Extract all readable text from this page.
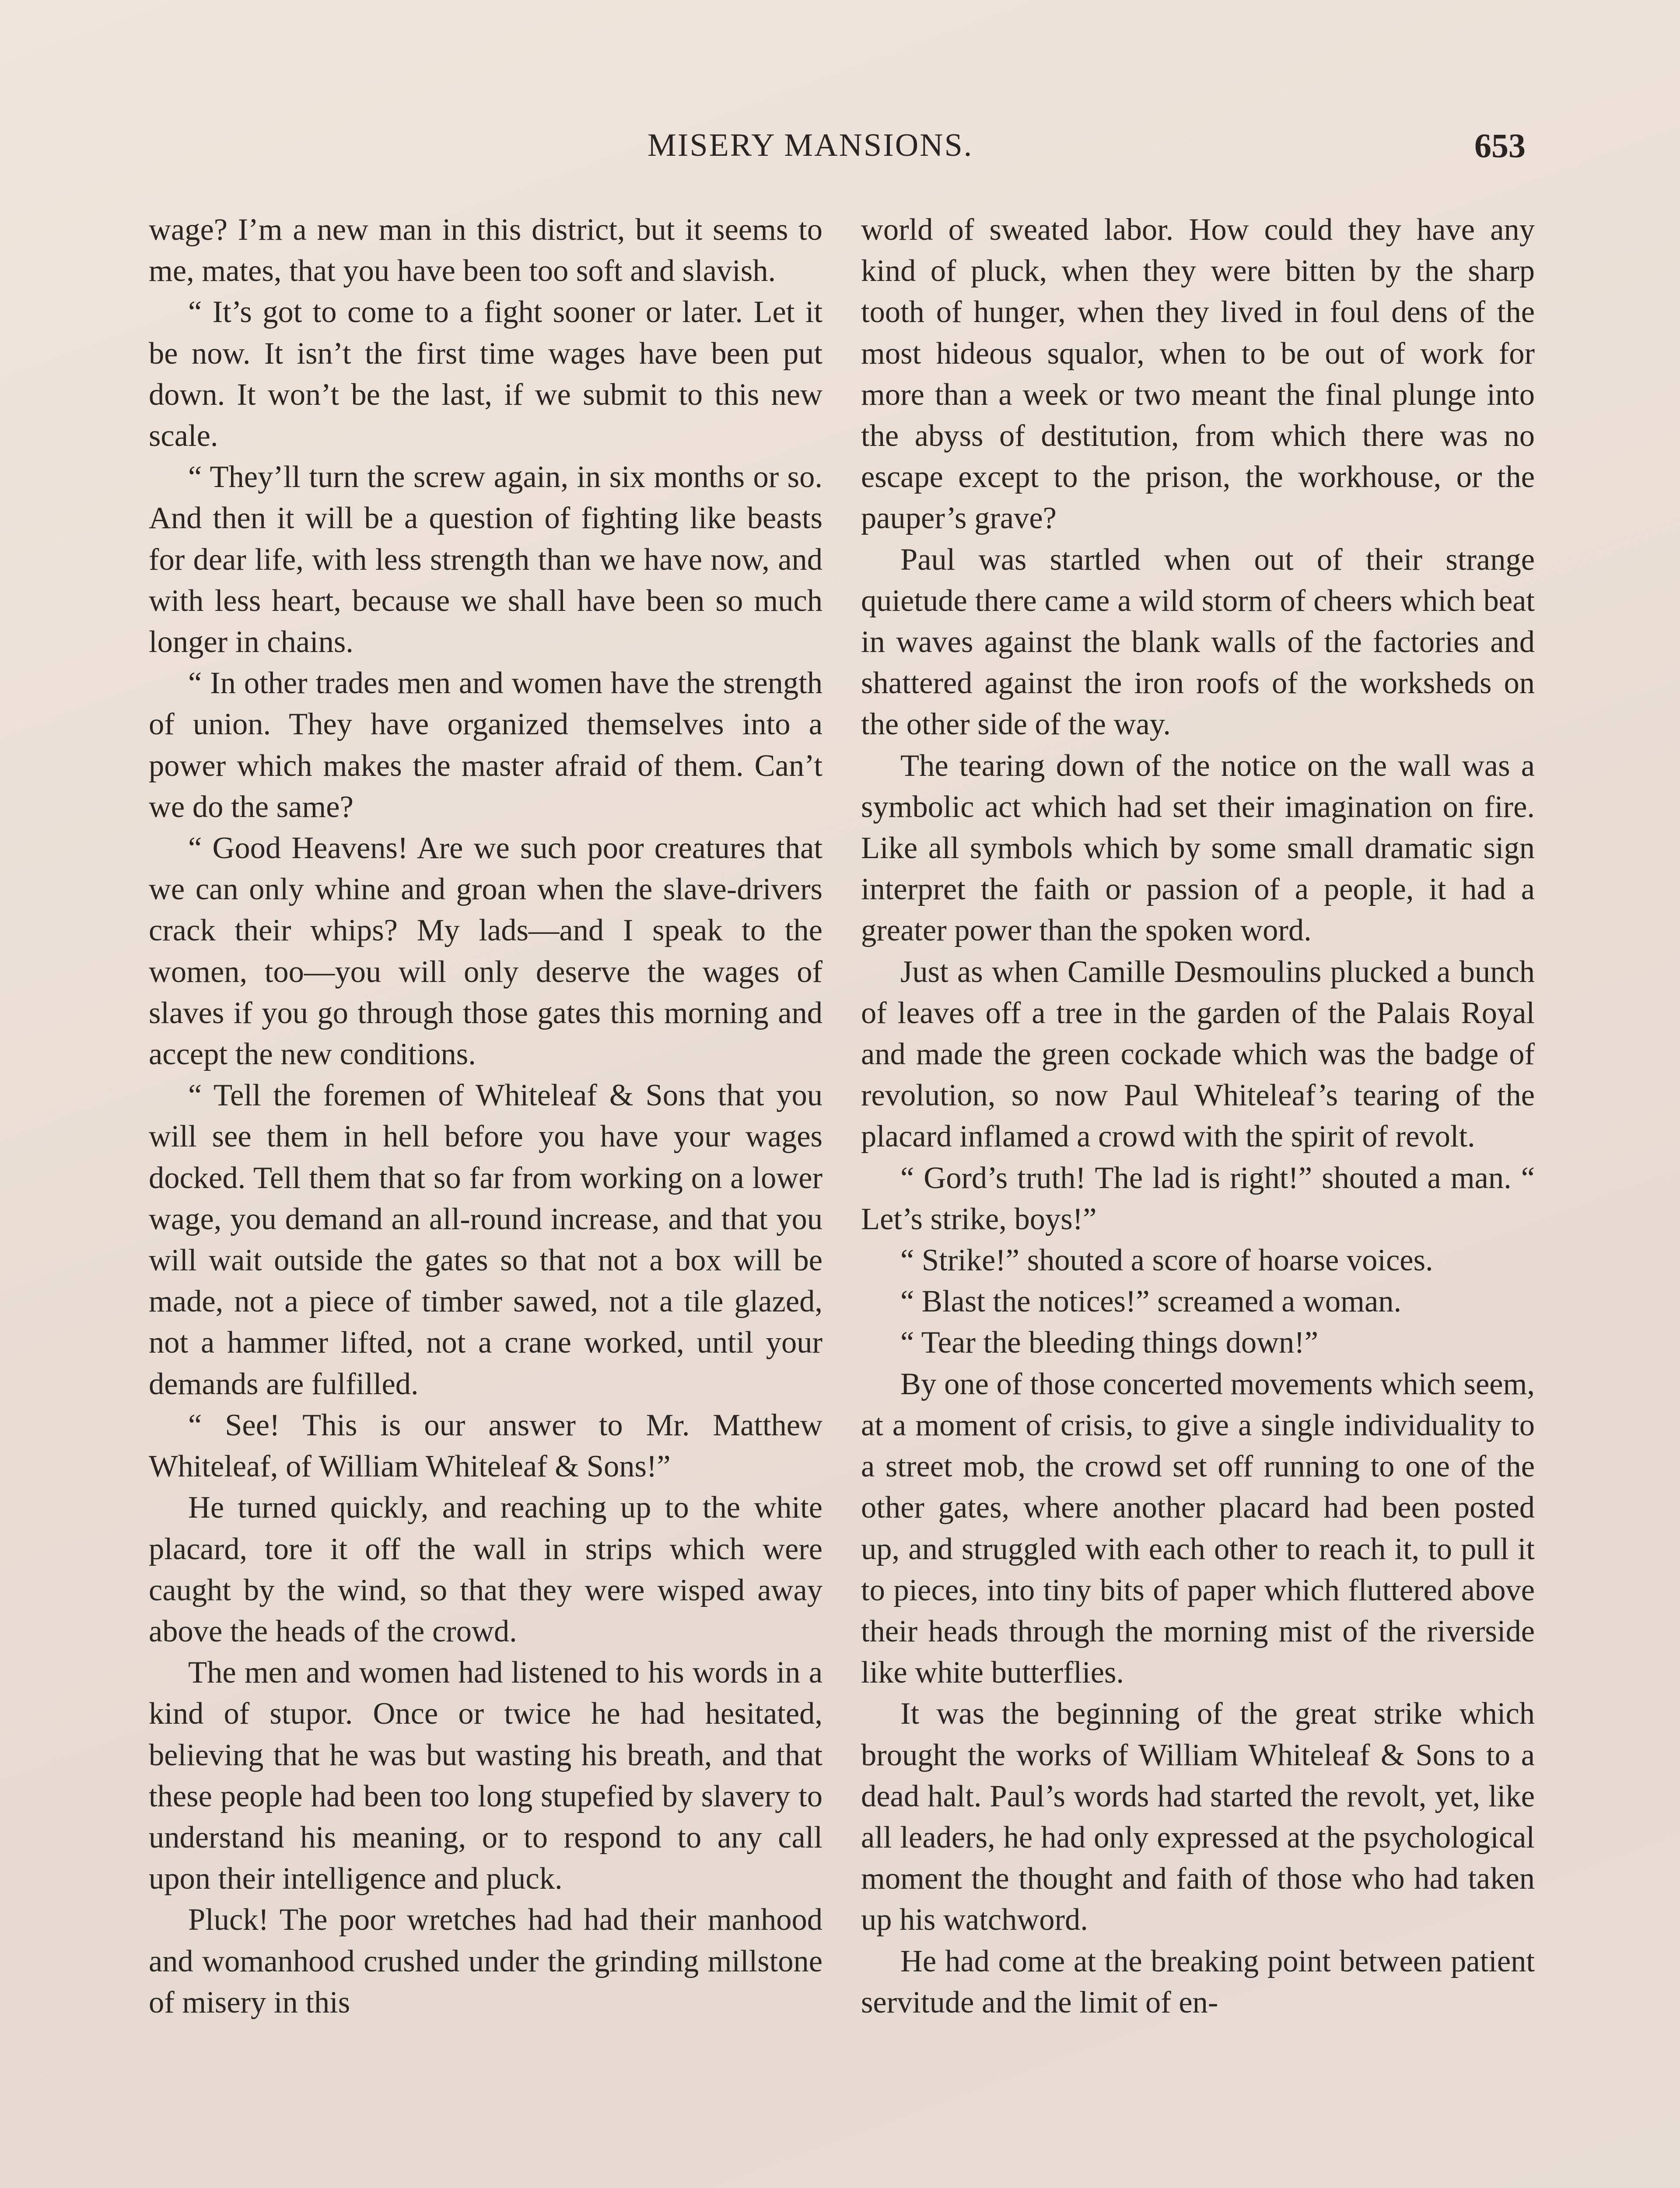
MISERY MANSIONS.	653

wage? I’m a new man in this district, but it seems to me, mates, that you have been too soft and slavish.

“ It’s got to come to a fight sooner or later. Let it be now. It isn’t the first time wages have been put down. It won’t be the last, if we submit to this new scale.

“ They’ll turn the screw again, in six months or so. And then it will be a question of fighting like beasts for dear life, with less strength than we have now, and with less heart, because we shall have been so much longer in chains.

“ In other trades men and women have the strength of union. They have organized themselves into a power which makes the master afraid of them. Can’t we do the same?

“ Good Heavens! Are we such poor creatures that we can only whine and groan when the slave-drivers crack their whips? My lads—and I speak to the women, too—you will only deserve the wages of slaves if you go through those gates this morning and accept the new conditions.

“ Tell the foremen of Whiteleaf & Sons that you will see them in hell before you have your wages docked. Tell them that so far from working on a lower wage, you demand an all-round increase, and that you will wait outside the gates so that not a box will be made, not a piece of timber sawed, not a tile glazed, not a hammer lifted, not a crane worked, until your demands are fulfilled.

“ See! This is our answer to Mr. Matthew Whiteleaf, of William Whiteleaf & Sons!”

He turned quickly, and reaching up to the white placard, tore it off the wall in strips which were caught by the wind, so that they were wisped away above the heads of the crowd.

The men and women had listened to his words in a kind of stupor. Once or twice he had hesitated, believing that he was but wasting his breath, and that these people had been too long stupefied by slavery to understand his meaning, or to respond to any call upon their intelligence and pluck.

Pluck! The poor wretches had had their manhood and womanhood crushed under the grinding millstone of misery in this

world of sweated labor. How could they have any kind of pluck, when they were bitten by the sharp tooth of hunger, when they lived in foul dens of the most hideous squalor, when to be out of work for more than a week or two meant the final plunge into the abyss of destitution, from which there was no escape except to the prison, the workhouse, or the pauper’s grave?

Paul was startled when out of their strange quietude there came a wild storm of cheers which beat in waves against the blank walls of the factories and shattered against the iron roofs of the worksheds on the other side of the way.

The tearing down of the notice on the wall was a symbolic act which had set their imagination on fire. Like all symbols which by some small dramatic sign interpret the faith or passion of a people, it had a greater power than the spoken word.

Just as when Camille Desmoulins plucked a bunch of leaves off a tree in the garden of the Palais Royal and made the green cockade which was the badge of revolution, so now Paul Whiteleaf’s tearing of the placard inflamed a crowd with the spirit of revolt.

“ Gord’s truth! The lad is right!” shouted a man. “ Let’s strike, boys!”

“ Strike!” shouted a score of hoarse voices.

“ Blast the notices!” screamed a woman.

“ Tear the bleeding things down!”

By one of those concerted movements which seem, at a moment of crisis, to give a single individuality to a street mob, the crowd set off running to one of the other gates, where another placard had been posted up, and struggled with each other to reach it, to pull it to pieces, into tiny bits of paper which fluttered above their heads through the morning mist of the riverside like white butterflies.

It was the beginning of the great strike which brought the works of William Whiteleaf & Sons to a dead halt. Paul’s words had started the revolt, yet, like all leaders, he had only expressed at the psychological moment the thought and faith of those who had taken up his watchword.

He had come at the breaking point between patient servitude and the limit of en-
